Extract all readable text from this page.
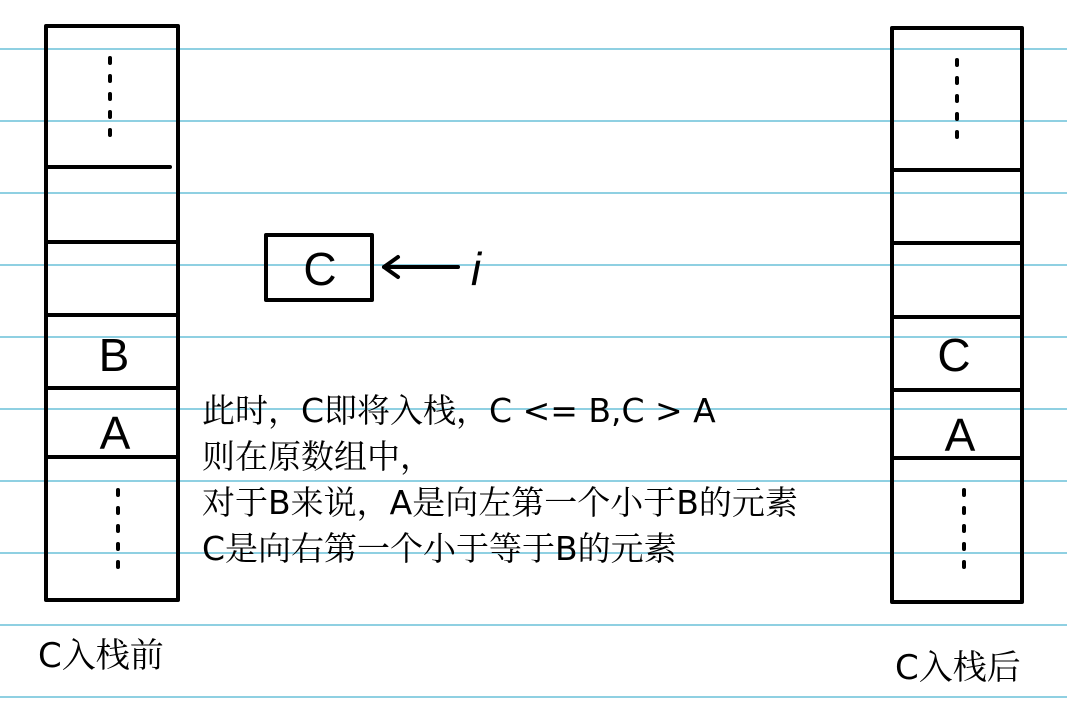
B
A
C	i
C
A
此时，C即将入栈，C <= B,C > A
则在原数组中，
对于B来说，A是向左第一个小于B的元素
C是向右第一个小于等于B的元素
C入栈前	C入栈后
